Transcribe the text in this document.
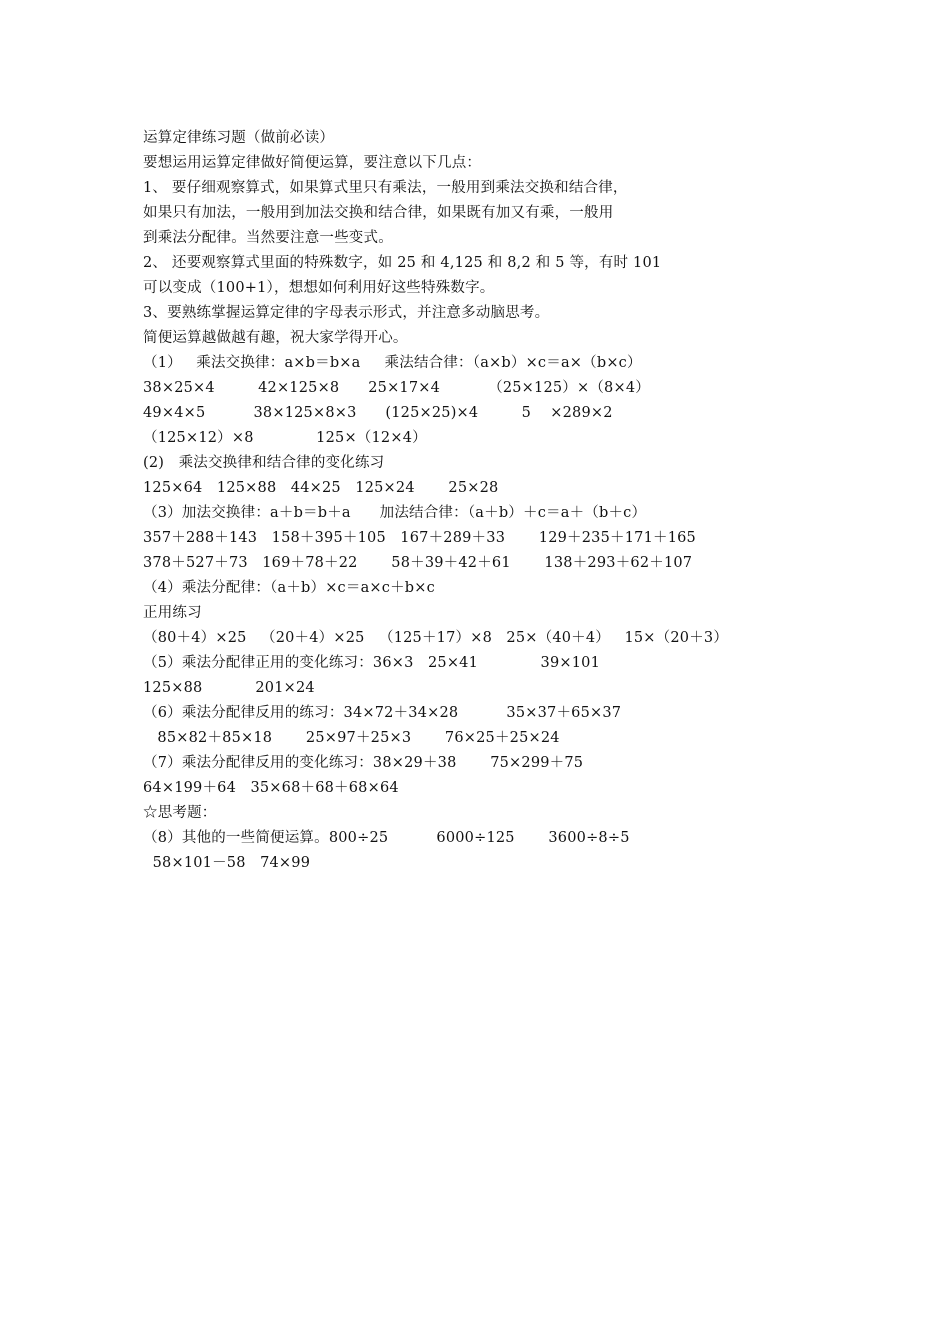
运算定律练习题（做前必读）
要想运用运算定律做好简便运算，要注意以下几点：
1、 要仔细观察算式，如果算式里只有乘法，一般用到乘法交换和结合律，
如果只有加法，一般用到加法交换和结合律，如果既有加又有乘，一般用
到乘法分配律。当然要注意一些变式。
2、 还要观察算式里面的特殊数字，如 25 和 4,125 和 8,2 和 5 等，有时 101
可以变成（100+1），想想如何利用好这些特殊数字。
3、要熟练掌握运算定律的字母表示形式，并注意多动脑思考。
简便运算越做越有趣，祝大家学得开心。
（1）   乘法交换律：a×b＝b×a     乘法结合律：（a×b）×c＝a×（b×c）
38×25×4         42×125×8      25×17×4          （25×125）×（8×4）
49×4×5          38×125×8×3      (125×25)×4         5    ×289×2
（125×12）×8             125×（12×4）
(2)   乘法交换律和结合律的变化练习
125×64   125×88   44×25   125×24       25×28
（3）加法交换律：a＋b＝b＋a      加法结合律：（a＋b）＋c＝a＋（b＋c）
357＋288＋143   158＋395＋105   167＋289＋33       129＋235＋171＋165
378＋527＋73   169＋78＋22       58＋39＋42＋61       138＋293＋62＋107
（4）乘法分配律：（a＋b）×c＝a×c＋b×c
正用练习
（80＋4）×25   （20＋4）×25   （125＋17）×8   25×（40＋4）   15×（20＋3）
（5）乘法分配律正用的变化练习：36×3   25×41             39×101
125×88           201×24
（6）乘法分配律反用的练习：34×72＋34×28          35×37＋65×37
85×82＋85×18       25×97＋25×3       76×25＋25×24
（7）乘法分配律反用的变化练习：38×29＋38       75×299＋75
64×199＋64   35×68＋68＋68×64
☆思考题：
（8）其他的一些简便运算。800÷25          6000÷125       3600÷8÷5
58×101－58   74×99
